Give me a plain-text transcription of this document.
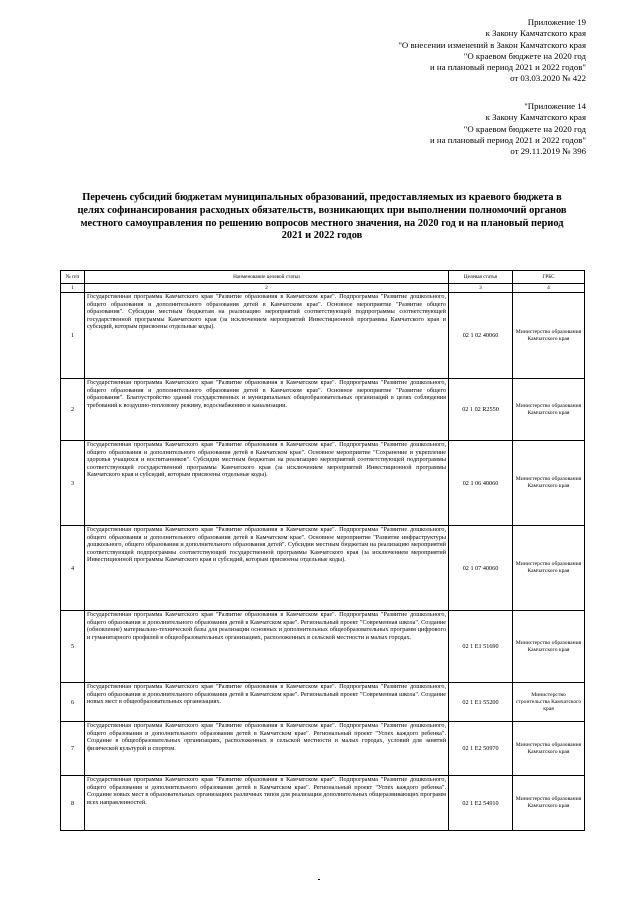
Приложение 19
к Закону Камчатского края
"О внесении изменений в Закон Камчатского края
"О краевом бюджете на 2020 год
и на плановый период 2021 и 2022 годов"
от 03.03.2020 № 422
"Приложение 14
к Закону Камчатского края
"О краевом бюджете на 2020 год
и на плановый период 2021 и 2022 годов"
от 29.11.2019 № 396
Перечень субсидий бюджетам муниципальных образований, предоставляемых из краевого бюджета в целях софинансирования расходных обязательств, возникающих при выполнении полномочий органов местного самоуправления по решению вопросов местного значения, на 2020 год и на плановый период 2021 и 2022 годов
№ п/п	Наименование целевой статьи	Целевая статья	ГРБС
1	2	3	4
1	Государственная программа Камчатского края "Развитие образования в Камчатском крае". Подпрограмма "Развитие дошкольного, общего образования и дополнительного образования детей в Камчатском крае". Основное мероприятие "Развитие общего образования". Субсидии местным бюджетам на реализацию мероприятий соответствующей подпрограммы соответствующей государственной программы Камчатского края (за исключением мероприятий Инвестиционной программы Камчатского края и субсидий, которым присвоены отдельные коды).	02 1 02 40060	Министерство образования Камчатского края
2	Государственная программа Камчатского края "Развитие образования в Камчатском крае". Подпрограмма "Развитие дошкольного, общего образования и дополнительного образования детей в Камчатском крае". Основное мероприятие "Развитие общего образования". Благоустройство зданий государственных и муниципальных общеобразовательных организаций в целях соблюдения требований к воздушно-тепловому режиму, водоснабжению и канализации.	02 1 02 R2550	Министерство образования Камчатского края
3	Государственная программа Камчатского края "Развитие образования в Камчатском крае". Подпрограмма "Развитие дошкольного, общего образования и дополнительного образования детей в Камчатском крае". Основное мероприятие "Сохранение и укрепление здоровья учащихся и воспитанников". Субсидии местным бюджетам на реализацию мероприятий соответствующей подпрограммы соответствующей государственной программы Камчатского края (за исключением мероприятий Инвестиционной программы Камчатского края и субсидий, которым присвоены отдельные коды).	02 1 06 40060	Министерство образования Камчатского края
4	Государственная программа Камчатского края "Развитие образования в Камчатском крае". Подпрограмма "Развитие дошкольного, общего образования и дополнительного образования детей в Камчатском крае". Основное мероприятие "Развитие инфраструктуры дошкольного, общего образования и дополнительного образования детей". Субсидии местным бюджетам на реализацию мероприятий соответствующей подпрограммы соответствующей государственной программы Камчатского края (за исключением мероприятий Инвестиционной программы Камчатского края и субсидий, которым присвоены отдельные коды).	02 1 07 40060	Министерство образования Камчатского края
5	Государственная программа Камчатского края "Развитие образования в Камчатском крае". Подпрограмма "Развитие дошкольного, общего образования и дополнительного образования детей в Камчатском крае". Региональный проект "Современная школа". Создание (обновление) материально-технической базы для реализации основных и дополнительных общеобразовательных программ цифрового и гуманитарного профилей в общеобразовательных организациях, расположенных в сельской местности и малых городах.	02 1 E1 51690	Министерство образования Камчатского края
6	Государственная программа Камчатского края "Развитие образования в Камчатском крае". Подпрограмма "Развитие дошкольного, общего образования и дополнительного образования детей в Камчатском крае". Региональный проект "Современная школа". Создание новых мест в общеобразовательных организациях.	02 1 E1 55200	Министерство строительства Камчатского края
7	Государственная программа Камчатского края "Развитие образования в Камчатском крае". Подпрограмма "Развитие дошкольного, общего образования и дополнительного образования детей в Камчатском крае". Региональный проект "Успех каждого ребенка". Создание в общеобразовательных организациях, расположенных в сельской местности и малых городах, условий для занятий физической культурой и спортом.	02 1 E2 50970	Министерство образования Камчатского края
8	Государственная программа Камчатского края "Развитие образования в Камчатском крае". Подпрограмма "Развитие дошкольного, общего образования и дополнительного образования детей в Камчатском крае". Региональный проект "Успех каждого ребенка". Создание новых мест в образовательных организациях различных типов для реализации дополнительных общеразвивающих программ всех направленностей.	02 1 E2 54910	Министерство образования Камчатского края
